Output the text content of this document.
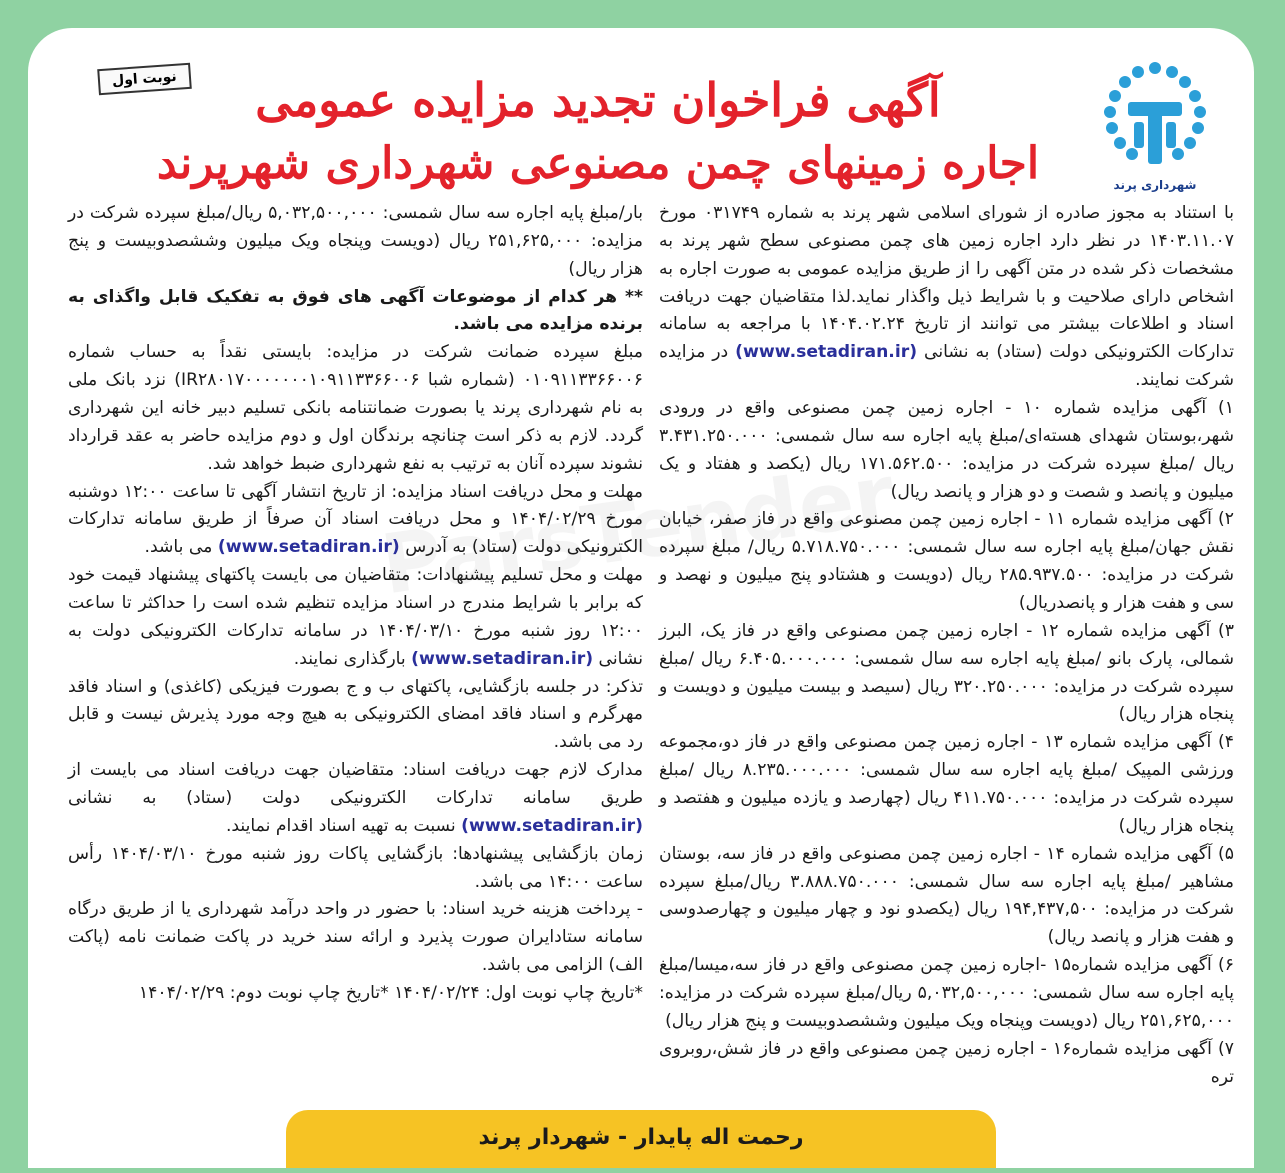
شهرداری پرند
نوبت اول	آگهی فراخوان تجدید مزایده عمومی
اجاره زمینهای چمن مصنوعی شهرداری شهرپرند

با استناد به مجوز صادره از شورای اسلامی شهر پرند به شماره ۰۳۱۷۴۹ مورخ ۱۴۰۳.۱۱.۰۷ در نظر دارد اجاره زمین های چمن مصنوعی سطح شهر پرند به مشخصات ذکر شده در متن آگهی را از طریق مزایده عمومی به صورت اجاره به اشخاص دارای صلاحیت و با شرایط ذیل واگذار نماید.لذا متقاضیان جهت دریافت اسناد و اطلاعات بیشتر می توانند از تاریخ ۱۴۰۴.۰۲.۲۴ با مراجعه به سامانه تدارکات الکترونیکی دولت (ستاد) به نشانی (www.setadiran.ir) در مزایده شرکت نمایند.

۱) آگهی مزایده شماره ۱۰ - اجاره زمین چمن مصنوعی واقع در ورودی شهر،بوستان شهدای هسته‌ای/مبلغ پایه اجاره سه سال شمسی: ۳.۴۳۱.۲۵۰.۰۰۰ ریال /مبلغ سپرده شرکت در مزایده: ۱۷۱.۵۶۲.۵۰۰ ریال (یکصد و هفتاد و یک میلیون و پانصد و شصت و دو هزار و پانصد ریال)

۲) آگهی مزایده شماره ۱۱ - اجاره زمین چمن مصنوعی واقع در فاز صفر، خیابان نقش جهان/مبلغ پایه اجاره سه سال شمسی: ۵.۷۱۸.۷۵۰.۰۰۰ ریال/ مبلغ سپرده شرکت در مزایده: ۲۸۵.۹۳۷.۵۰۰ ریال (دویست و هشتادو پنج میلیون و نهصد و سی و هفت هزار و پانصدریال)

۳) آگهی مزایده شماره ۱۲ - اجاره زمین چمن مصنوعی واقع در فاز یک، البرز شمالی، پارک بانو /مبلغ پایه اجاره سه سال شمسی: ۶.۴۰۵.۰۰۰.۰۰۰ ریال /مبلغ سپرده شرکت در مزایده: ۳۲۰.۲۵۰.۰۰۰ ریال (سیصد و بیست میلیون و دویست و پنجاه هزار ریال)

۴) آگهی مزایده شماره ۱۳ - اجاره زمین چمن مصنوعی واقع در فاز دو،مجموعه ورزشی المپیک /مبلغ پایه اجاره سه سال شمسی: ۸.۲۳۵.۰۰۰.۰۰۰ ریال /مبلغ سپرده شرکت در مزایده: ۴۱۱.۷۵۰.۰۰۰ ریال (چهارصد و یازده میلیون و هفتصد و پنجاه هزار ریال)

۵) آگهی مزایده شماره ۱۴ - اجاره زمین چمن مصنوعی واقع در فاز سه، بوستان مشاهیر /مبلغ پایه اجاره سه سال شمسی: ۳.۸۸۸.۷۵۰.۰۰۰ ریال/مبلغ سپرده شرکت در مزایده: ۱۹۴,۴۳۷,۵۰۰ ریال (یکصدو نود و چهار میلیون و چهارصدوسی و هفت هزار و پانصد ریال)

۶) آگهی مزایده شماره۱۵ -اجاره زمین چمن مصنوعی واقع در فاز سه،میسا/مبلغ پایه اجاره سه سال شمسی: ۵,۰۳۲,۵۰۰,۰۰۰ ریال/مبلغ سپرده شرکت در مزایده: ۲۵۱,۶۲۵,۰۰۰ ریال (دویست وپنجاه ویک میلیون وششصدوبیست و پنج هزار ریال)

۷) آگهی مزایده شماره۱۶ - اجاره زمین چمن مصنوعی واقع در فاز شش،روبروی تره

بار/مبلغ پایه اجاره سه سال شمسی: ۵,۰۳۲,۵۰۰,۰۰۰ ریال/مبلغ سپرده شرکت در مزایده: ۲۵۱,۶۲۵,۰۰۰ ریال (دویست وپنجاه ویک میلیون وششصدوبیست و پنج هزار ریال)

** هر کدام از موضوعات آگهی های فوق به تفکیک قابل واگذای به برنده مزایده می باشد.

مبلغ سپرده ضمانت شرکت در مزایده: بایستی نقداً به حساب شماره ۰۱۰۹۱۱۳۳۶۶۰۰۶ (شماره شبا IR۲۸۰۱۷۰۰۰۰۰۰۰۱۰۹۱۱۳۳۶۶۰۰۶) نزد بانک ملی به نام شهرداری پرند یا بصورت ضمانتنامه بانکی تسلیم دبیر خانه این شهرداری گردد. لازم به ذکر است چنانچه برندگان اول و دوم مزایده حاضر به عقد قرارداد نشوند سپرده آنان به ترتیب به نفع شهرداری ضبط خواهد شد.

مهلت و محل دریافت اسناد مزایده: از تاریخ انتشار آگهی تا ساعت ۱۲:۰۰ دوشنبه مورخ ۱۴۰۴/۰۲/۲۹ و محل دریافت اسناد آن صرفاً از طریق سامانه تدارکات الکترونیکی دولت (ستاد) به آدرس (www.setadiran.ir) می باشد.

مهلت و محل تسلیم پیشنهادات: متقاضیان می بایست پاکتهای پیشنهاد قیمت خود که برابر با شرایط مندرج در اسناد مزایده تنظیم شده است را حداکثر تا ساعت ۱۲:۰۰ روز شنبه مورخ ۱۴۰۴/۰۳/۱۰ در سامانه تدارکات الکترونیکی دولت به نشانی (www.setadiran.ir) بارگذاری نمایند.

تذکر: در جلسه بازگشایی، پاکتهای ب و ج بصورت فیزیکی (کاغذی) و اسناد فاقد مهرگرم و اسناد فاقد امضای الکترونیکی به هیچ وجه مورد پذیرش نیست و قابل رد می باشد.

مدارک لازم جهت دریافت اسناد: متقاضیان جهت دریافت اسناد می بایست از طریق سامانه تدارکات الکترونیکی دولت (ستاد) به نشانی (www.setadiran.ir) نسبت به تهیه اسناد اقدام نمایند.

زمان بازگشایی پیشنهادها: بازگشایی پاکات روز شنبه مورخ ۱۴۰۴/۰۳/۱۰ رأس ساعت ۱۴:۰۰ می باشد.

- پرداخت هزینه خرید اسناد: با حضور در واحد درآمد شهرداری یا از طریق درگاه سامانه ستادایران صورت پذیرد و ارائه سند خرید در پاکت ضمانت نامه (پاکت الف) الزامی می باشد.

*تاریخ چاپ نوبت اول: ۱۴۰۴/۰۲/۲۴ *تاریخ چاپ نوبت دوم: ۱۴۰۴/۰۲/۲۹

رحمت اله پایدار - شهردار پرند
